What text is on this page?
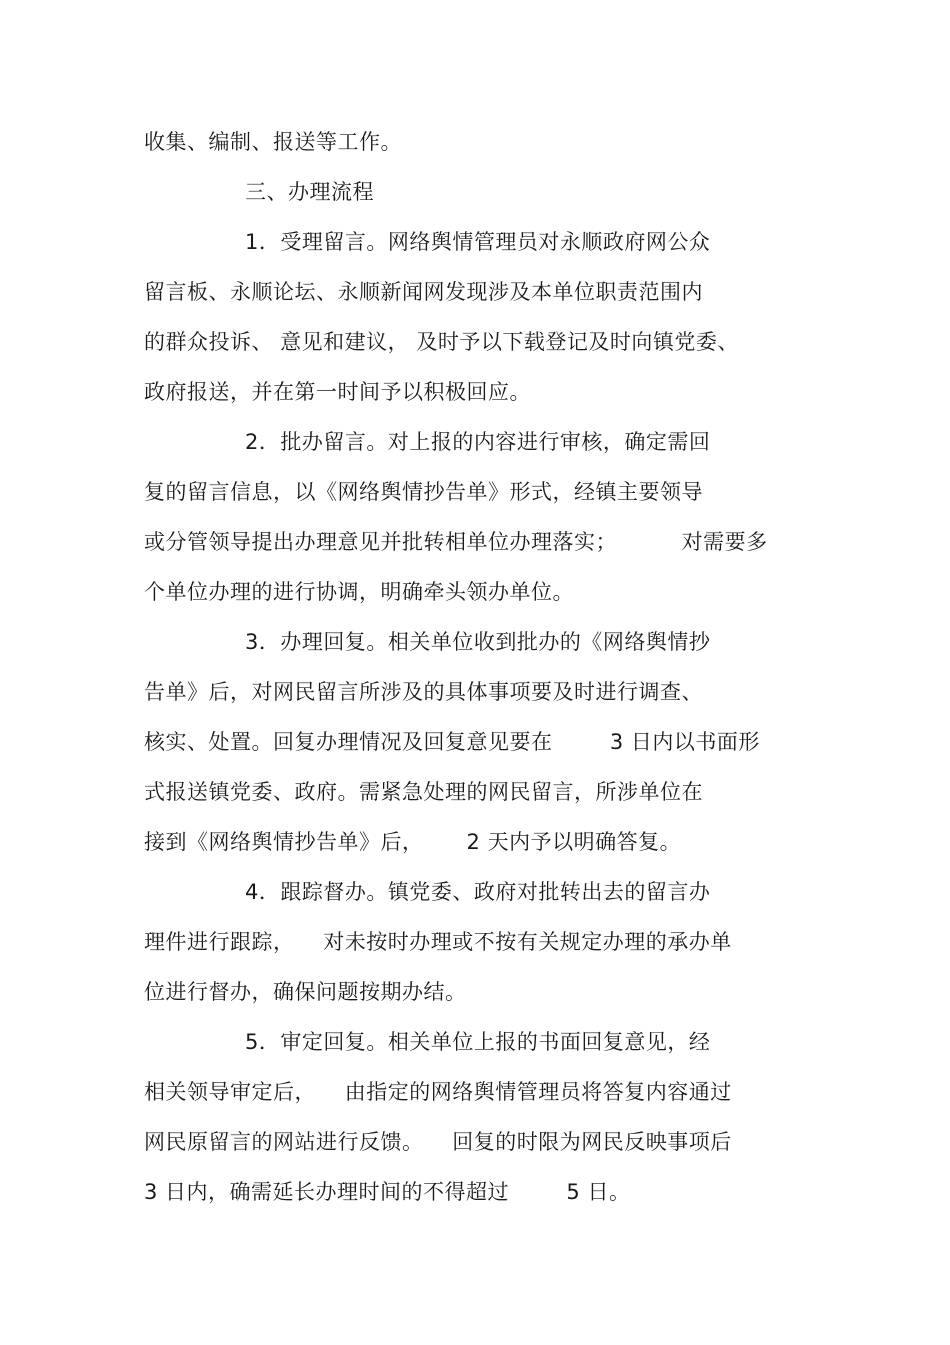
收集、编制、报送等工作。
三、办理流程
1．受理留言。网络舆情管理员对永顺政府网公众
留言板、永顺论坛、永顺新闻网发现涉及本单位职责范围内
的群众投诉、 意见和建议， 及时予以下载登记及时向镇党委、
政府报送，并在第一时间予以积极回应。
2．批办留言。对上报的内容进行审核，确定需回
复的留言信息，以《网络舆情抄告单》形式，经镇主要领导
或分管领导提出办理意见并批转相单位办理落实；         对需要多
个单位办理的进行协调，明确牵头领办单位。
3．办理回复。相关单位收到批办的《网络舆情抄
告单》后，对网民留言所涉及的具体事项要及时进行调查、
核实、处置。回复办理情况及回复意见要在        3 日内以书面形
式报送镇党委、政府。需紧急处理的网民留言，所涉单位在
接到《网络舆情抄告单》后，      2 天内予以明确答复。
4．跟踪督办。镇党委、政府对批转出去的留言办
理件进行跟踪，    对未按时办理或不按有关规定办理的承办单
位进行督办，确保问题按期办结。
5．审定回复。相关单位上报的书面回复意见，经
相关领导审定后，    由指定的网络舆情管理员将答复内容通过
网民原留言的网站进行反馈。    回复的时限为网民反映事项后
3 日内，确需延长办理时间的不得超过        5 日。
